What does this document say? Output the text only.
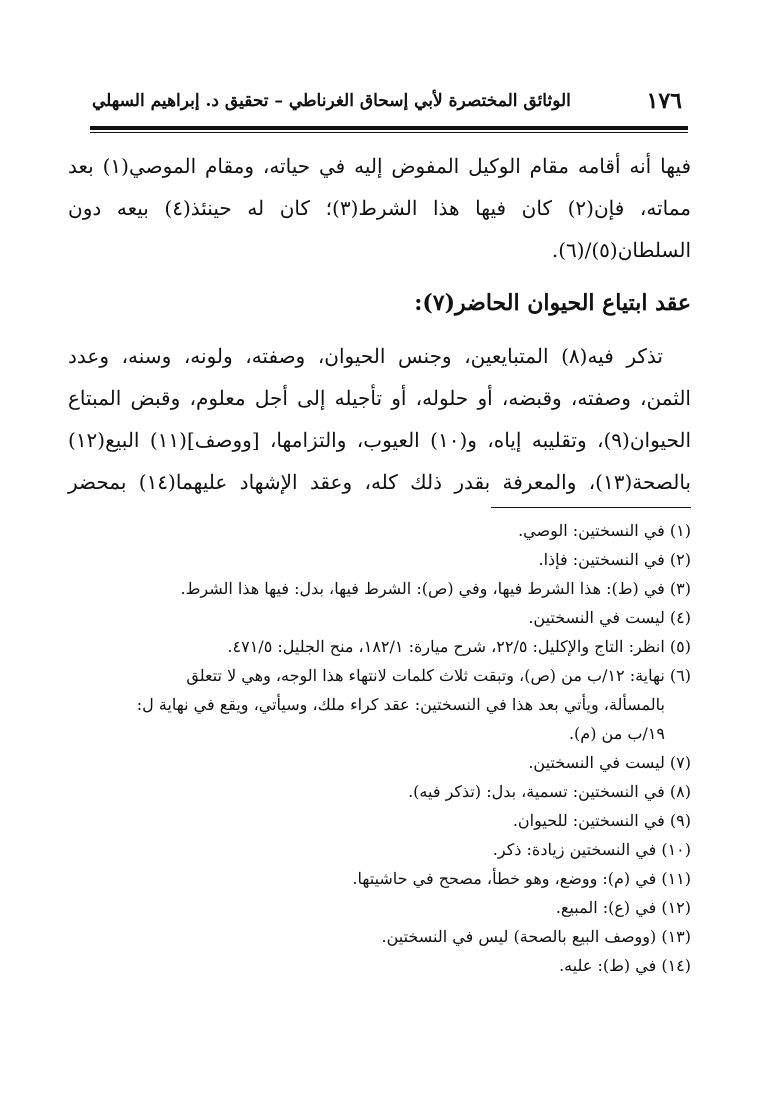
١٧٦
الوثائق المختصرة لأبي إسحاق الغرناطي – تحقيق د. إبراهيم السهلي
فيها أنه أقامه مقام الوكيل المفوض إليه في حياته، ومقام الموصي(١) بعد
مماته، فإن(٢) كان فيها هذا الشرط(٣)؛ كان له حينئذ(٤) بيعه دون
السلطان(٥)/(٦).
عقد ابتياع الحيوان الحاضر(٧):
تذكر فيه(٨) المتبايعين، وجنس الحيوان، وصفته، ولونه، وسنه، وعدد
الثمن، وصفته، وقبضه، أو حلوله، أو تأجيله إلى أجل معلوم، وقبض المبتاع
الحيوان(٩)، وتقليبه إياه، و(١٠) العيوب، والتزامها، [ووصف](١١) البيع(١٢)
بالصحة(١٣)، والمعرفة بقدر ذلك كله، وعقد الإشهاد عليهما(١٤) بمحضر
(١) في النسختين: الوصي.
(٢) في النسختين: فإذا.
(٣) في (ط): هذا الشرط فيها، وفي (ص): الشرط فيها، بدل: فيها هذا الشرط.
(٤) ليست في النسختين.
(٥) انظر: التاج والإكليل: ٢٢/٥، شرح ميارة: ١٨٢/١، منح الجليل: ٤٧١/٥.
(٦) نهاية: ١٢/ب من (ص)، وتبقت ثلاث كلمات لانتهاء هذا الوجه، وهي لا تتعلق
بالمسألة، ويأتي بعد هذا في النسختين: عقد كراء ملك، وسيأتي، ويقع في نهاية ل:
١٩/ب من (م).
(٧) ليست في النسختين.
(٨) في النسختين: تسمية، بدل: (تذكر فيه).
(٩) في النسختين: للحيوان.
(١٠) في النسختين زيادة: ذكر.
(١١) في (م): ووضع، وهو خطأ، مصحح في حاشيتها.
(١٢) في (ع): المبيع.
(١٣) (ووصف البيع بالصحة) ليس في النسختين.
(١٤) في (ط): عليه.
